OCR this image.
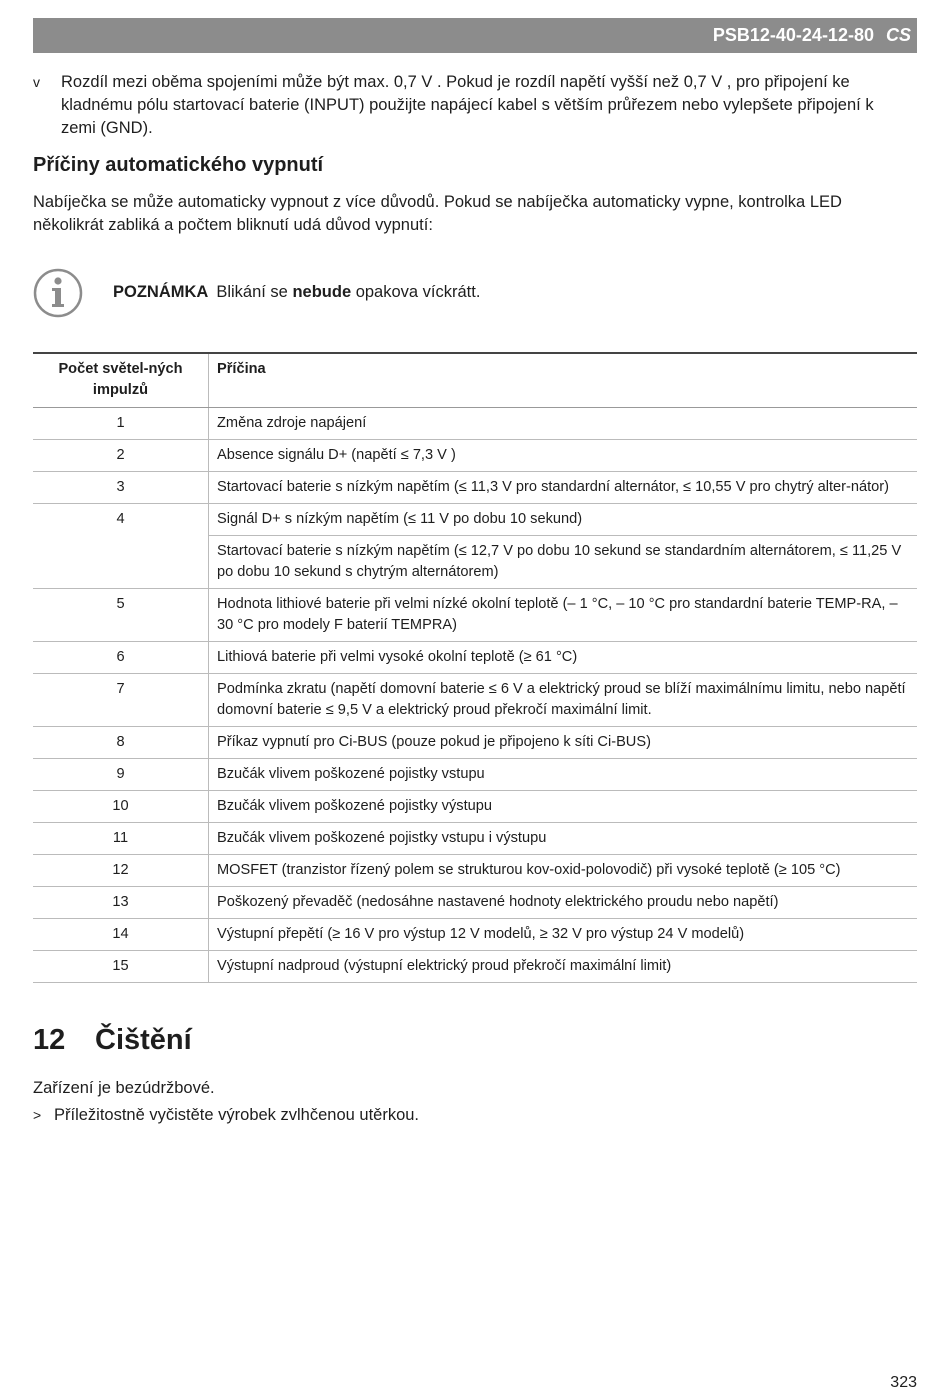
PSB12-40-24-12-80 CS
v Rozdíl mezi oběma spojeními může být max. 0,7 V . Pokud je rozdíl napětí vyšší než 0,7 V , pro připojení ke kladnému pólu startovací baterie (INPUT) použijte napájecí kabel s větším průřezem nebo vylepšete připojení k zemi (GND).
Příčiny automatického vypnutí
Nabíječka se může automaticky vypnout z více důvodů. Pokud se nabíječka automaticky vypne, kontrolka LED několikrát zabliká a počtem bliknutí udá důvod vypnutí:
POZNÁMKA Blikání se nebude opakova víckrátt.
Počet světel-ných impulzů	Příčina
1	Změna zdroje napájení
2	Absence signálu D+ (napětí ≤ 7,3 V )
3	Startovací baterie s nízkým napětím (≤ 11,3 V pro standardní alternátor, ≤ 10,55 V pro chytrý alter-nátor)
4	Signál D+ s nízkým napětím (≤ 11 V po dobu 10 sekund)
	Startovací baterie s nízkým napětím (≤ 12,7 V po dobu 10 sekund se standardním alternátorem, ≤ 11,25 V po dobu 10 sekund s chytrým alternátorem)
5	Hodnota lithiové baterie při velmi nízké okolní teplotě (– 1 °C, – 10 °C pro standardní baterie TEMP-RA, – 30 °C pro modely F baterií TEMPRA)
6	Lithiová baterie při velmi vysoké okolní teplotě (≥ 61 °C)
7	Podmínka zkratu (napětí domovní baterie ≤ 6 V a elektrický proud se blíží maximálnímu limitu, nebo napětí domovní baterie ≤ 9,5 V a elektrický proud překročí maximální limit.
8	Příkaz vypnutí pro Ci-BUS (pouze pokud je připojeno k síti Ci-BUS)
9	Bzučák vlivem poškozené pojistky vstupu
10	Bzučák vlivem poškozené pojistky výstupu
11	Bzučák vlivem poškozené pojistky vstupu i výstupu
12	MOSFET (tranzistor řízený polem se strukturou kov-oxid-polovodič) při vysoké teplotě (≥ 105 °C)
13	Poškozený převaděč (nedosáhne nastavené hodnoty elektrického proudu nebo napětí)
14	Výstupní přepětí (≥ 16 V pro výstup 12 V modelů, ≥ 32 V pro výstup 24 V modelů)
15	Výstupní nadproud (výstupní elektrický proud překročí maximální limit)
12 Čištění
Zařízení je bezúdržbové.
> Příležitostně vyčistěte výrobek zvlhčenou utěrkou.
323
